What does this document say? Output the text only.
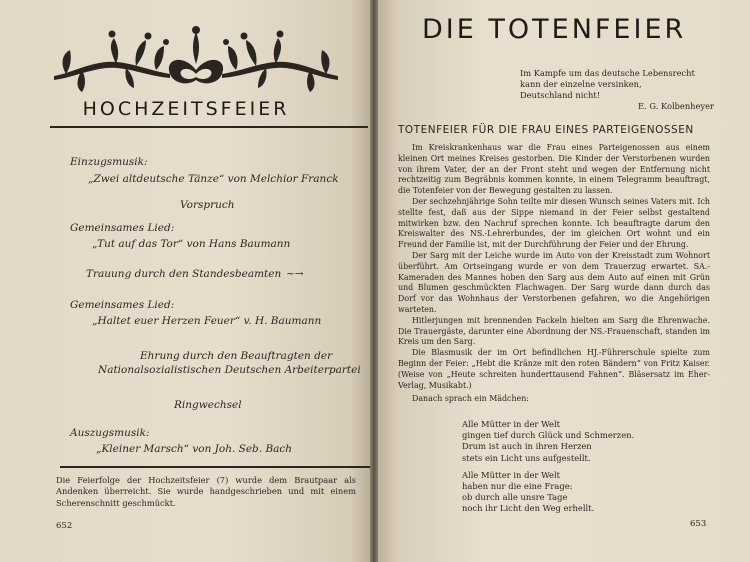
HOCHZEITSFEIER
Einzugsmusik:
„Zwei altdeutsche Tänze“ von Melchior Franck
Vorspruch
Gemeinsames Lied:
„Tut auf das Tor“ von Hans Baumann
Trauung durch den Standesbeamten ~→
Gemeinsames Lied:
„Haltet euer Herzen Feuer“ v. H. Baumann
Ehrung durch den Beauftragten der
Nationalsozialistischen Deutschen Arbeiterpartei
Ringwechsel
Auszugsmusik:
„Kleiner Marsch“ von Joh. Seb. Bach
Die Feierfolge der Hochzeitsfeier (7) wurde dem Brautpaar als Andenken überreicht. Sie wurde handgeschrieben und mit einem Scherenschnitt geschmückt.
652
DIE TOTENFEIER
Im Kampfe um das deutsche Lebensrecht
kann der einzelne versinken,
Deutschland nicht!
E. G. Kolbenheyer
TOTENFEIER FÜR DIE FRAU EINES PARTEIGENOSSEN

Im Kreiskrankenhaus war die Frau eines Parteigenossen aus einem kleinen Ort meines Kreises gestorben. Die Kinder der Verstorbenen wurden von ihrem Vater, der an der Front steht und wegen der Entfernung nicht rechtzeitig zum Begräbnis kommen konnte, in einem Telegramm beauftragt, die Totenfeier von der Bewegung gestalten zu lassen.

Der sechzehnjährige Sohn teilte mir diesen Wunsch seines Vaters mit. Ich stellte fest, daß aus der Sippe niemand in der Feier selbst gestaltend mitwirken bzw. den Nachruf sprechen konnte. Ich beauftragte darum den Kreiswalter des NS.-Lehrerbundes, der im gleichen Ort wohnt und ein Freund der Familie ist, mit der Durchführung der Feier und der Ehrung.

Der Sarg mit der Leiche wurde im Auto von der Kreisstadt zum Wohnort überführt. Am Ortseingang wurde er von dem Trauerzug erwartet. SA.-Kameraden des Mannes hoben den Sarg aus dem Auto auf einen mit Grün und Blumen geschmückten Flachwagen. Der Sarg wurde dann durch das Dorf vor das Wohnhaus der Verstorbenen gefahren, wo die Angehörigen warteten.

Hitlerjungen mit brennenden Fackeln hielten am Sarg die Ehrenwache. Die Trauergäste, darunter eine Abordnung der NS.-Frauenschaft, standen im Kreis um den Sarg.

Die Blasmusik der im Ort befindlichen HJ.-Führerschule spielte zum Beginn der Feier: „Hebt die Kränze mit den roten Bändern“ von Fritz Kaiser. (Weise von „Heute schreiten hunderttausend Fahnen“. Bläsersatz im Eher-Verlag, Musikabt.)

Danach sprach ein Mädchen:

Alle Mütter in der Welt
gingen tief durch Glück und Schmerzen.
Drum ist auch in ihren Herzen
stets ein Licht uns aufgestellt.
Alle Mütter in der Welt
haben nur die eine Frage:
ob durch alle unsre Tage
noch ihr Licht den Weg erhellt.
653
